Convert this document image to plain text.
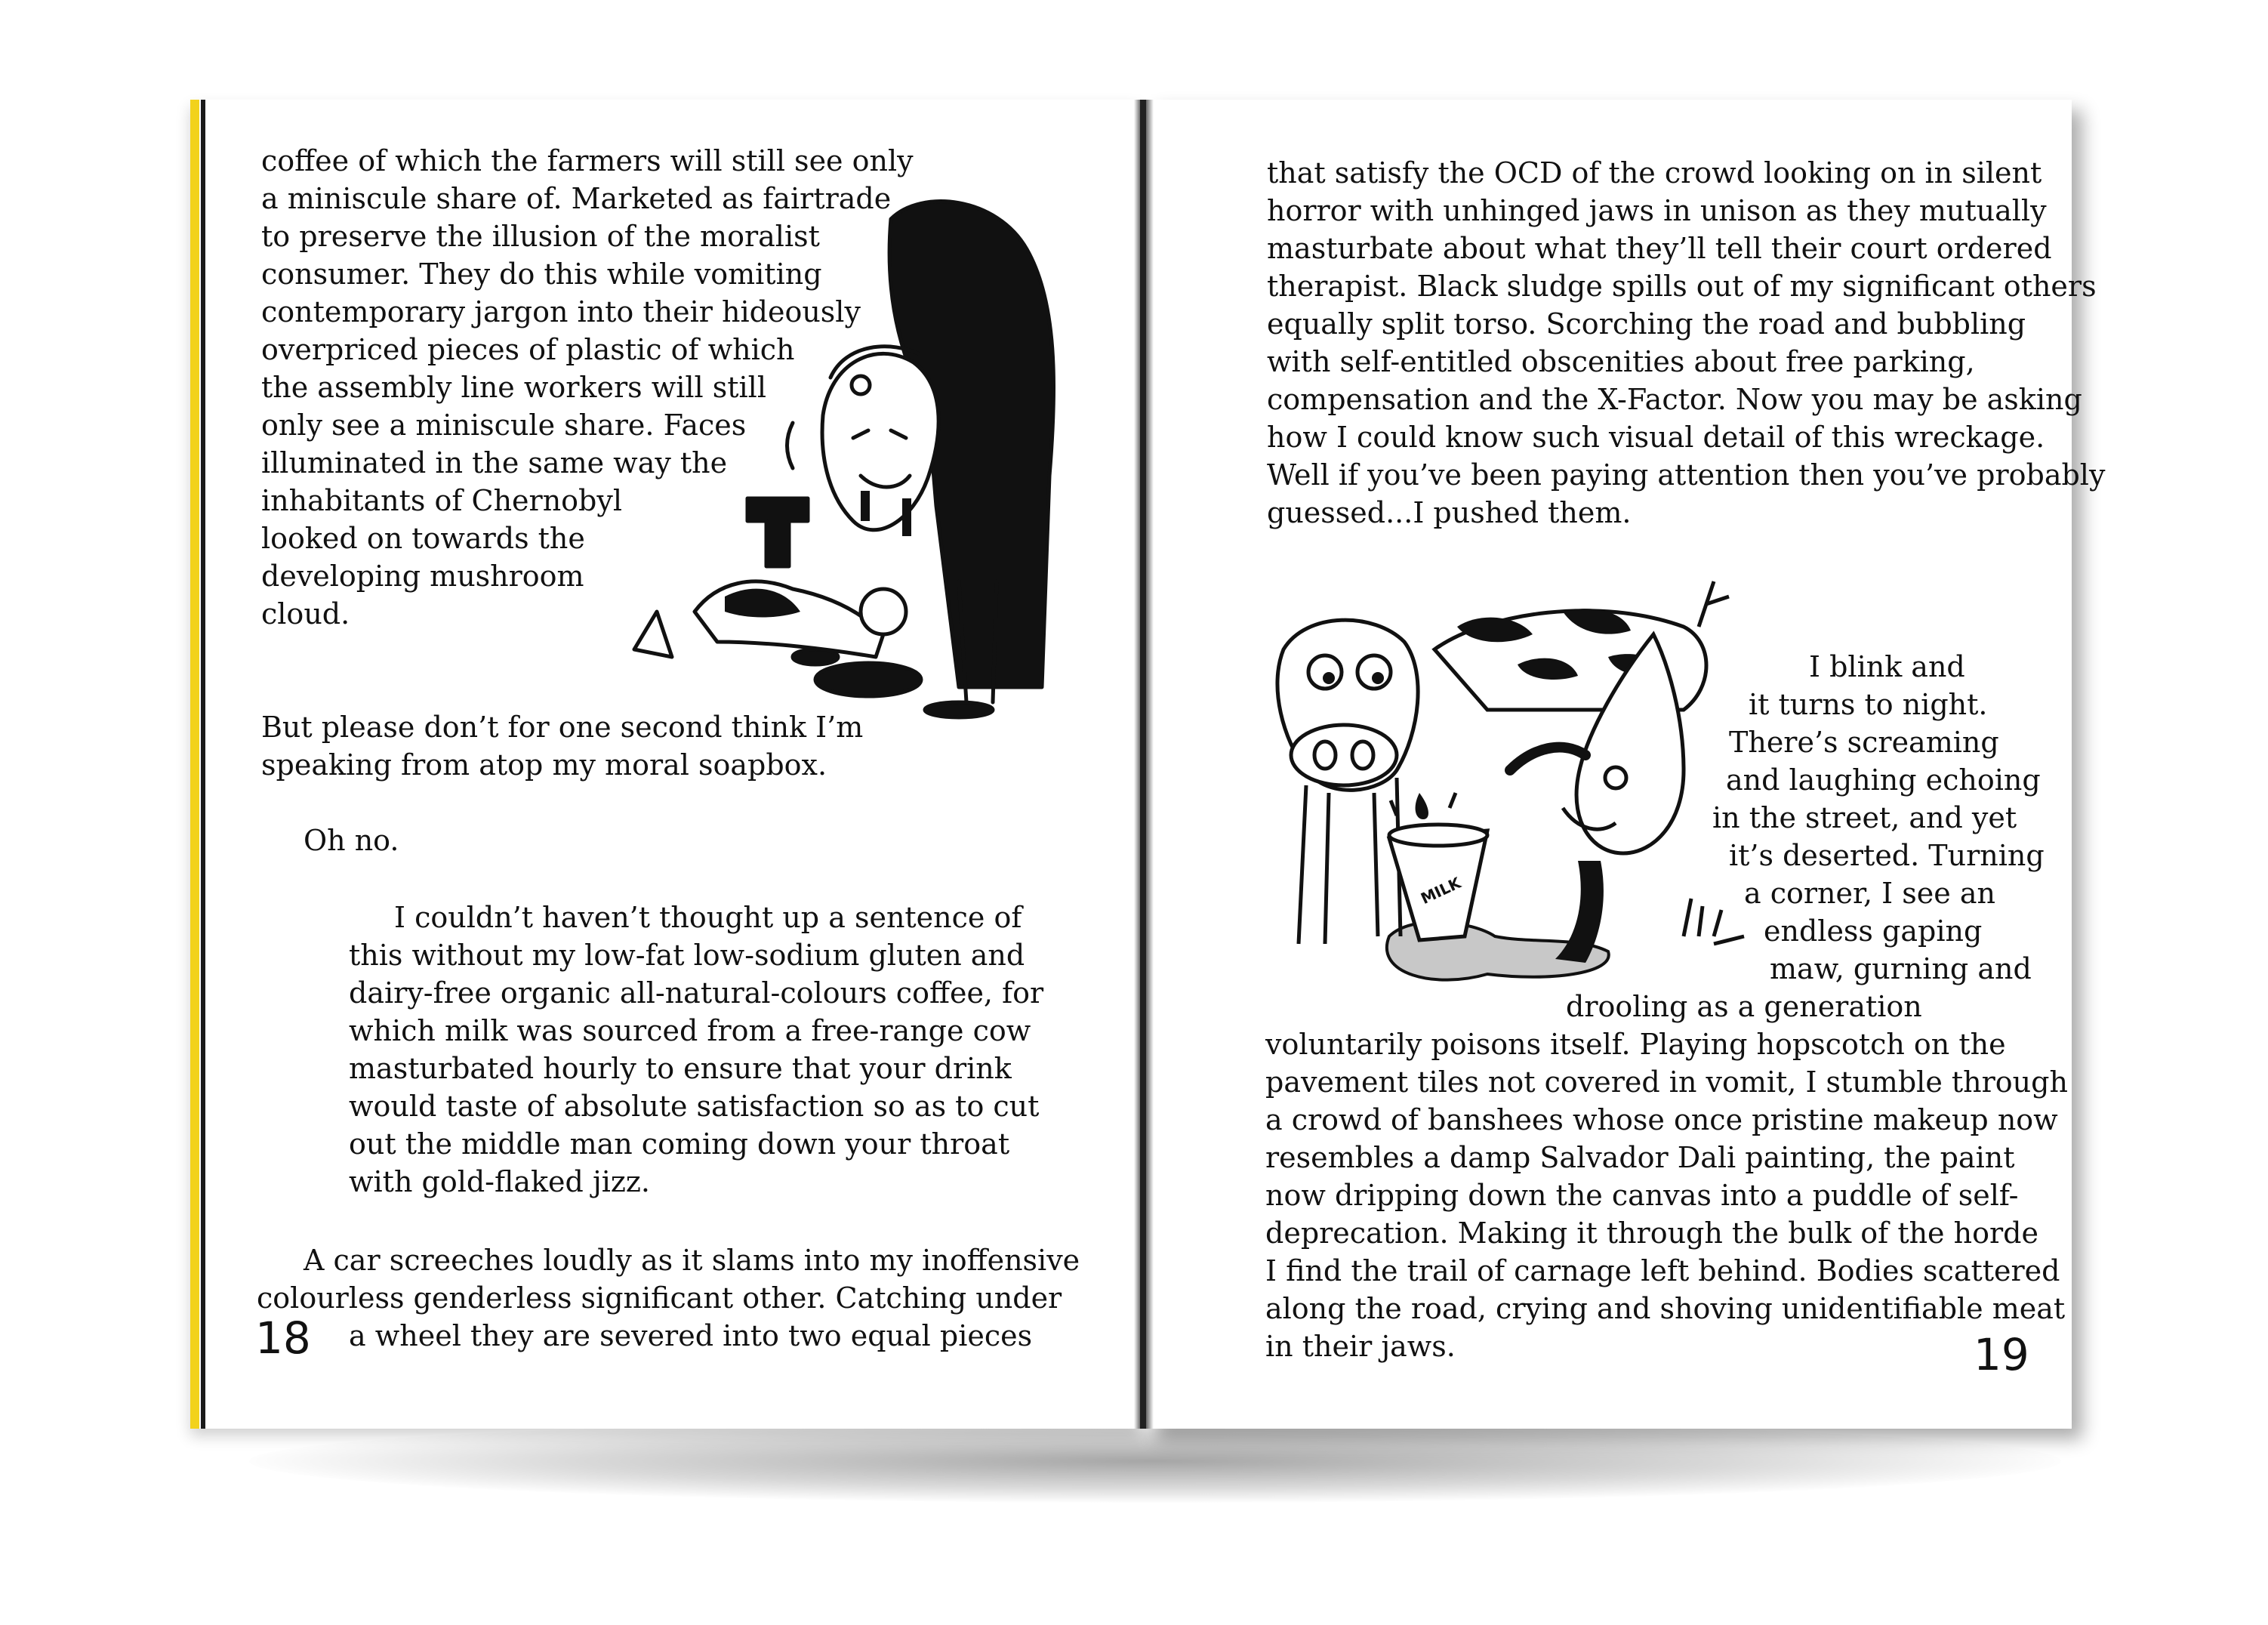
coffee of which the farmers will still see only
a miniscule share of. Marketed as fairtrade
to preserve the illusion of the moralist
consumer. They do this while vomiting
contemporary jargon into their hideously
overpriced pieces of plastic of which
the assembly line workers will still
only see a miniscule share. Faces
illuminated in the same way the
inhabitants of Chernobyl
looked on towards the
developing mushroom
cloud.
But please don’t for one second think I’m
speaking from atop my moral soapbox.
Oh no.
I couldn’t haven’t thought up a sentence of
this without my low-fat low-sodium gluten and
dairy-free organic all-natural-colours coffee, for
which milk was sourced from a free-range cow
masturbated hourly to ensure that your drink
would taste of absolute satisfaction so as to cut
out the middle man coming down your throat
with gold-flaked jizz.
A car screeches loudly as it slams into my inoffensive
colourless genderless significant other. Catching under
a wheel they are severed into two equal pieces
18
that satisfy the OCD of the crowd looking on in silent
horror with unhinged jaws in unison as they mutually
masturbate about what they’ll tell their court ordered
therapist. Black sludge spills out of my significant others
equally split torso. Scorching the road and bubbling
with self-entitled obscenities about free parking,
compensation and the X-Factor. Now you may be asking
how I could know such visual detail of this wreckage.
Well if you’ve been paying attention then you’ve probably
guessed...I pushed them.
I blink and
it turns to night.
There’s screaming
and laughing echoing
in the street, and yet
it’s deserted. Turning
a corner, I see an
endless gaping
maw, gurning and
drooling as a generation
voluntarily poisons itself. Playing hopscotch on the
pavement tiles not covered in vomit, I stumble through
a crowd of banshees whose once pristine makeup now
resembles a damp Salvador Dali painting, the paint
now dripping down the canvas into a puddle of self-
deprecation. Making it through the bulk of the horde
I find the trail of carnage left behind. Bodies scattered
along the road, crying and shoving unidentifiable meat
in their jaws.	19
MILK
